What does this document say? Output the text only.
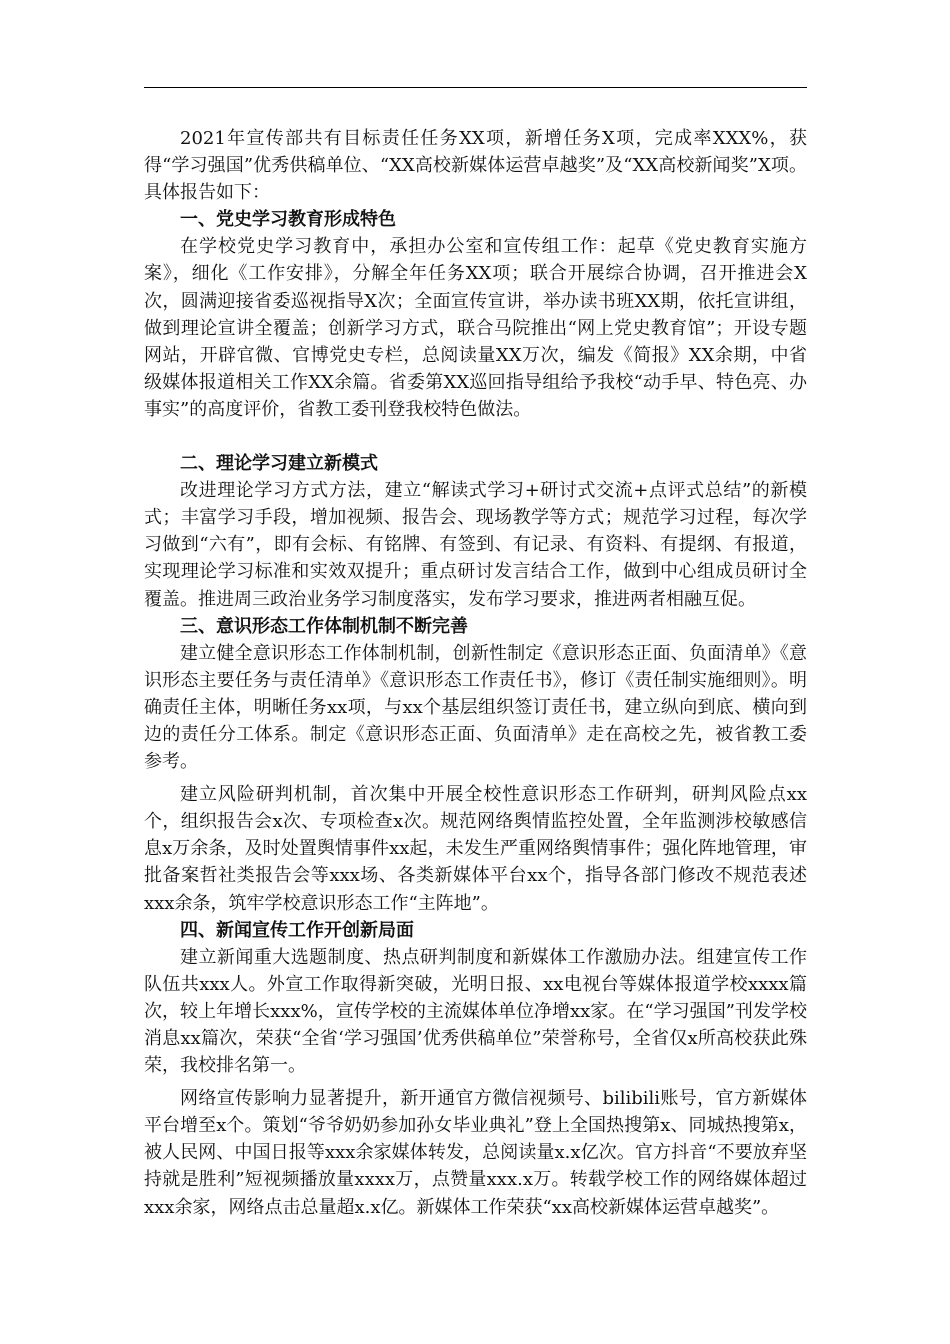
2021年宣传部共有目标责任任务XX项，新增任务X项，完成率XXX%，获得“学习强国”优秀供稿单位、“XX高校新媒体运营卓越奖”及“XX高校新闻奖”X项。具体报告如下：

一、党史学习教育形成特色

在学校党史学习教育中，承担办公室和宣传组工作：起草《党史教育实施方案》，细化《工作安排》，分解全年任务XX项；联合开展综合协调，召开推进会X次，圆满迎接省委巡视指导X次；全面宣传宣讲，举办读书班XX期，依托宣讲组，做到理论宣讲全覆盖；创新学习方式，联合马院推出“网上党史教育馆”；开设专题网站，开辟官微、官博党史专栏，总阅读量XX万次，编发《简报》XX余期，中省级媒体报道相关工作XX余篇。省委第XX巡回指导组给予我校“动手早、特色亮、办事实”的高度评价，省教工委刊登我校特色做法。

二、理论学习建立新模式

改进理论学习方式方法，建立“解读式学习+研讨式交流+点评式总结”的新模式；丰富学习手段，增加视频、报告会、现场教学等方式；规范学习过程，每次学习做到“六有”，即有会标、有铭牌、有签到、有记录、有资料、有提纲、有报道，实现理论学习标准和实效双提升；重点研讨发言结合工作，做到中心组成员研讨全覆盖。推进周三政治业务学习制度落实，发布学习要求，推进两者相融互促。

三、意识形态工作体制机制不断完善

建立健全意识形态工作体制机制，创新性制定《意识形态正面、负面清单》《意识形态主要任务与责任清单》《意识形态工作责任书》，修订《责任制实施细则》。明确责任主体，明晰任务xx项，与xx个基层组织签订责任书，建立纵向到底、横向到边的责任分工体系。制定《意识形态正面、负面清单》走在高校之先，被省教工委参考。

建立风险研判机制，首次集中开展全校性意识形态工作研判，研判风险点xx个，组织报告会x次、专项检查x次。规范网络舆情监控处置，全年监测涉校敏感信息x万余条，及时处置舆情事件xx起，未发生严重网络舆情事件；强化阵地管理，审批备案哲社类报告会等xxx场、各类新媒体平台xx个，指导各部门修改不规范表述xxx余条，筑牢学校意识形态工作“主阵地”。

四、新闻宣传工作开创新局面

建立新闻重大选题制度、热点研判制度和新媒体工作激励办法。组建宣传工作队伍共xxx人。外宣工作取得新突破，光明日报、xx电视台等媒体报道学校xxxx篇次，较上年增长xxx%，宣传学校的主流媒体单位净增xx家。在“学习强国”刊发学校消息xx篇次，荣获“全省‘学习强国’优秀供稿单位”荣誉称号，全省仅x所高校获此殊荣，我校排名第一。

网络宣传影响力显著提升，新开通官方微信视频号、bilibili账号，官方新媒体平台增至x个。策划“爷爷奶奶参加孙女毕业典礼”登上全国热搜第x、同城热搜第x，被人民网、中国日报等xxx余家媒体转发，总阅读量x.x亿次。官方抖音“不要放弃坚持就是胜利”短视频播放量xxxx万，点赞量xxx.x万。转载学校工作的网络媒体超过xxx余家，网络点击总量超x.x亿。新媒体工作荣获“xx高校新媒体运营卓越奖”。
